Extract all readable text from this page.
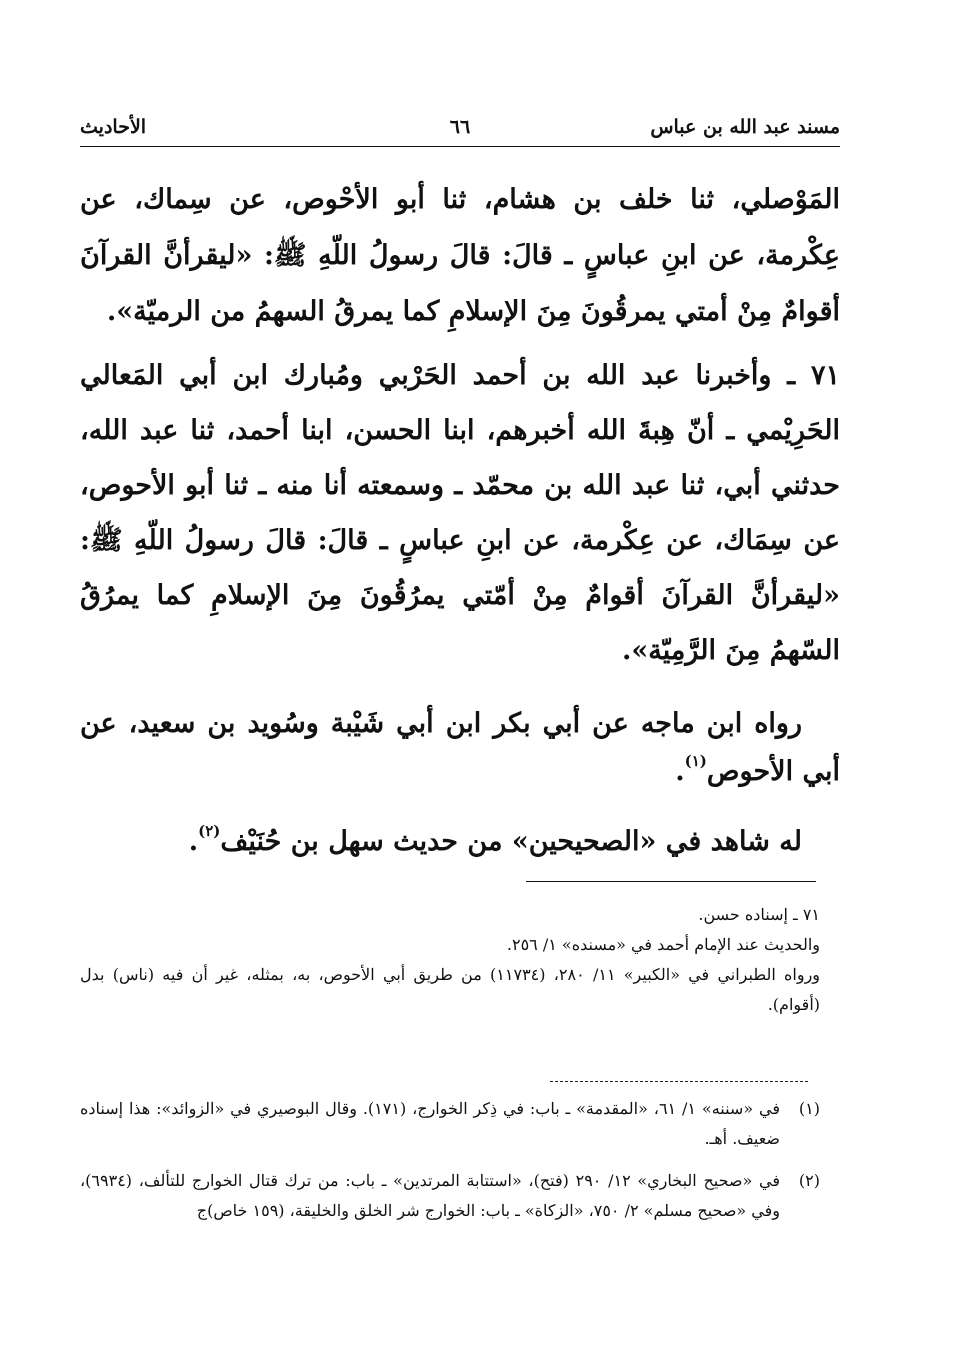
مسند عبد الله بن عباس
٦٦
الأحاديث

المَوْصلي، ثنا خلف بن هشام، ثنا أبو الأحْوص، عن سِماك، عن عِكْرمة، عن ابنِ عباسٍ ـ قالَ: قالَ رسولُ اللّهِ ﷺ: «ليقرأنَّ القرآنَ أقوامٌ مِنْ أمتي يمرقُونَ مِنَ الإسلامِ كما يمرقُ السهمُ من الرميّة».

٧١ ـ وأخبرنا عبد الله بن أحمد الحَرْبي ومُبارك ابن أبي المَعالي الحَرِيْمي ـ أنّ هِبةَ الله أخبرهم، ابنا الحسن، ابنا أحمد، ثنا عبد الله، حدثني أبي، ثنا عبد الله بن محمّد ـ وسمعته أنا منه ـ ثنا أبو الأحوص، عن سِمَاك، عن عِكْرمة، عن ابنِ عباسٍ ـ قالَ: قالَ رسولُ اللّهِ ﷺ: «ليقرأنَّ القرآنَ أقوامٌ مِنْ أمّتي يمرُقُونَ مِنَ الإسلامِ كما يمرُقُ السّهمُ مِنَ الرَّمِيّة».

رواه ابن ماجه عن أبي بكر ابن أبي شَيْبة وسُويد بن سعيد، عن أبي الأحوص$^{(١)}$.

له شاهد في «الصحيحين» من حديث سهل بن حُنَيْف$^{(٢)}$.

٧١ ـ إسناده حسن.

والحديث عند الإمام أحمد في «مسنده» ١/ ٢٥٦.

ورواه الطبراني في «الكبير» ١١/ ٢٨٠، (١١٧٣٤) من طريق أبي الأحوص، به، بمثله، غير أن فيه (ناس) بدل (أقوام).

(١)
في «سننه» ١/ ٦١، «المقدمة» ـ باب: في ذِكر الخوارج، (١٧١). وقال البوصيري في «الزوائد»: هذا إسناده ضعيف. أهـ.

(٢)
في «صحيح البخاري» ١٢/ ٢٩٠ (فتح)، «استتابة المرتدين» ـ باب: من ترك قتال الخوارج للتألف، (٦٩٣٤)، وفي «صحيح مسلم» ٢/ ٧٥٠، «الزكاة» ـ باب: الخوارج شر الخلق والخليقة، (١٥٩ خاص)ج
